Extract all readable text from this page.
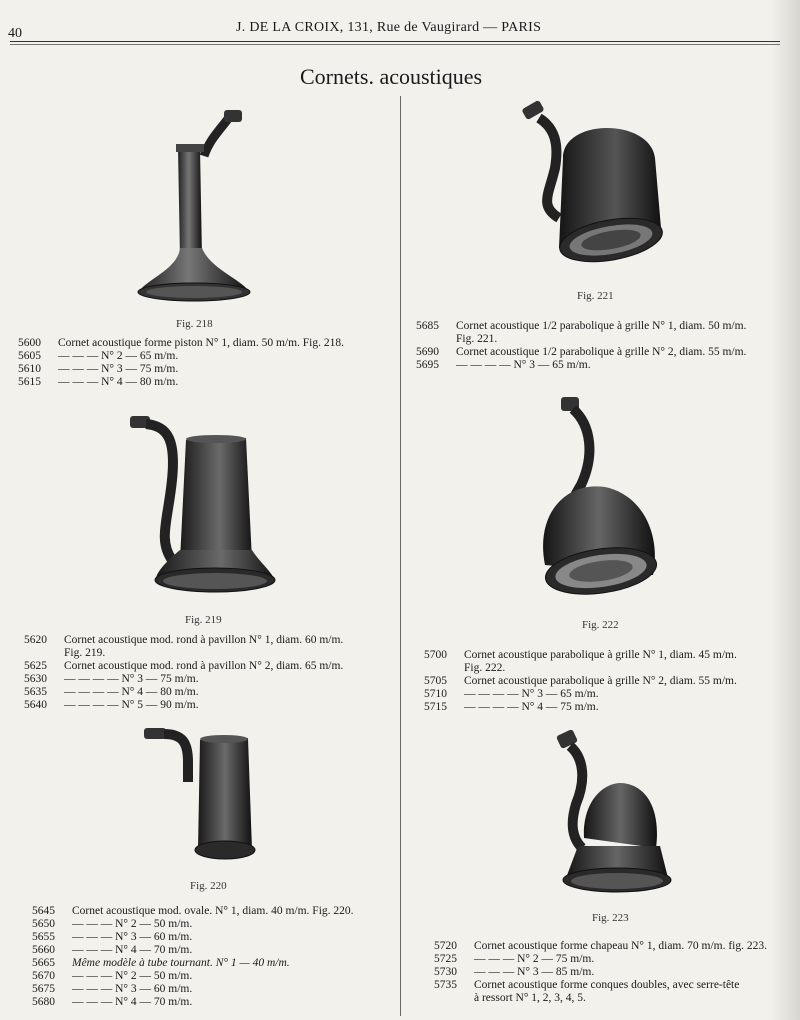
40	J. DE LA CROIX, 131, Rue de Vaugirard — PARIS
Cornets. acoustiques
Fig. 218
5600 Cornet acoustique forme piston N° 1, diam. 50 m/m. Fig. 218.
5605 — — — N° 2 — 65 m/m.
5610 — — — N° 3 — 75 m/m.
5615 — — — N° 4 — 80 m/m.
Fig. 219
5620 Cornet acoustique mod. rond à pavillon N° 1, diam. 60 m/m.
Fig. 219.
5625 Cornet acoustique mod. rond à pavillon N° 2, diam. 65 m/m.
5630 — — — — N° 3 — 75 m/m.
5635 — — — — N° 4 — 80 m/m.
5640 — — — — N° 5 — 90 m/m.
Fig. 220
5645 Cornet acoustique mod. ovale. N° 1, diam. 40 m/m. Fig. 220.
5650 — — — N° 2 — 50 m/m.
5655 — — — N° 3 — 60 m/m.
5660 — — — N° 4 — 70 m/m.
5665 Même modèle à tube tournant. N° 1 — 40 m/m.
5670 — — — N° 2 — 50 m/m.
5675 — — — N° 3 — 60 m/m.
5680 — — — N° 4 — 70 m/m.
Fig. 221
5685 Cornet acoustique 1/2 parabolique à grille N° 1, diam. 50 m/m.
Fig. 221.
5690 Cornet acoustique 1/2 parabolique à grille N° 2, diam. 55 m/m.
5695 — — — — N° 3 — 65 m/m.
Fig. 222
5700 Cornet acoustique parabolique à grille N° 1, diam. 45 m/m.
Fig. 222.
5705 Cornet acoustique parabolique à grille N° 2, diam. 55 m/m.
5710 — — — — N° 3 — 65 m/m.
5715 — — — — N° 4 — 75 m/m.
Fig. 223
5720 Cornet acoustique forme chapeau N° 1, diam. 70 m/m. fig. 223.
5725 — — — N° 2 — 75 m/m.
5730 — — — N° 3 — 85 m/m.
5735 Cornet acoustique forme conques doubles, avec serre-tête
à ressort N° 1, 2, 3, 4, 5.
